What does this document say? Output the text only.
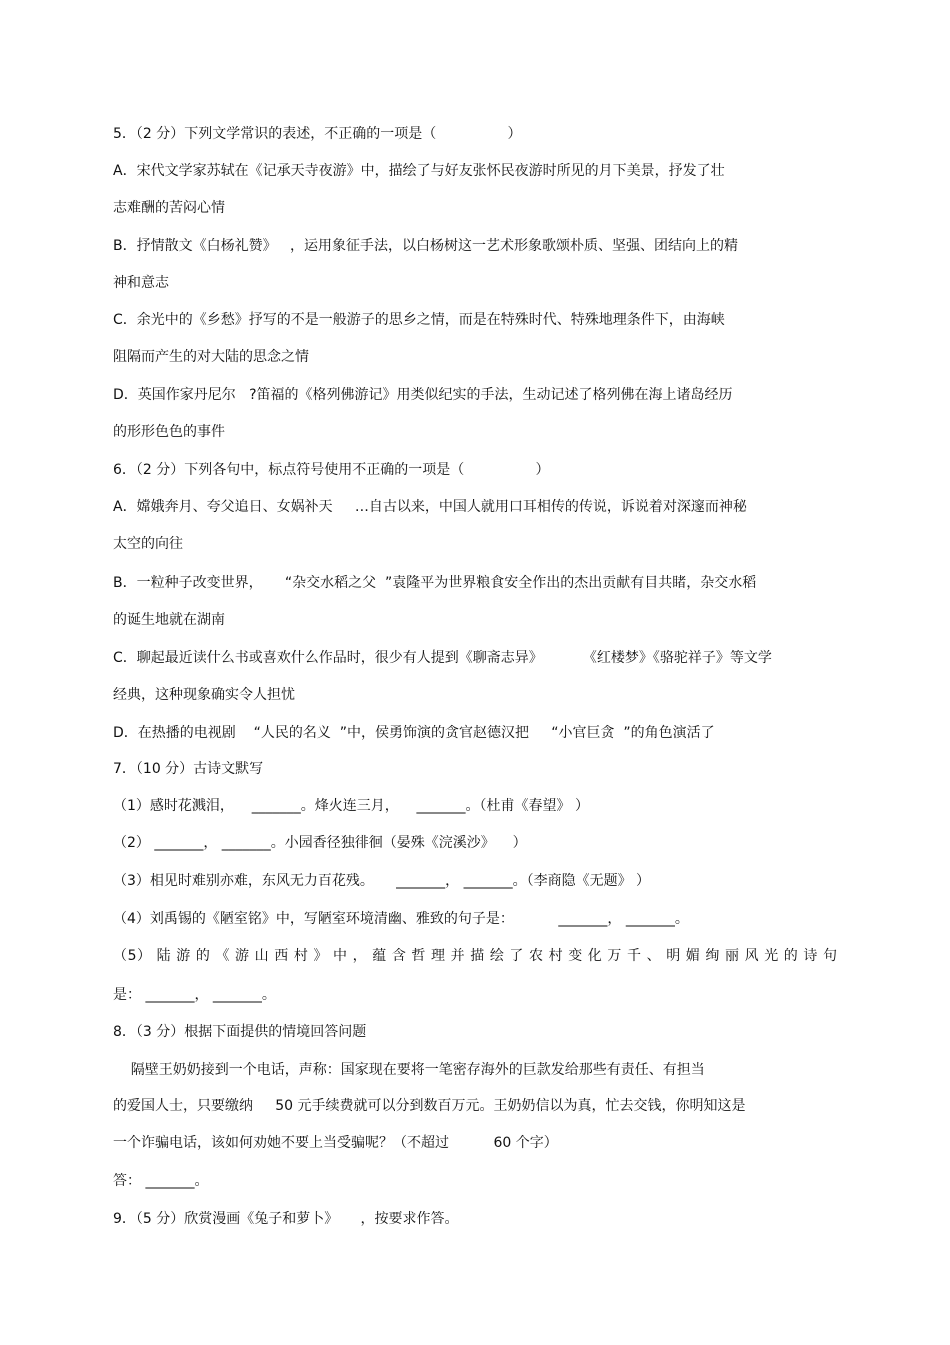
5．（2 分）下列文学常识的表述，不正确的一项是（                ）
A．宋代文学家苏轼在《记承天寺夜游》中，描绘了与好友张怀民夜游时所见的月下美景，抒发了壮
志难酬的苦闷心情
B．抒情散文《白杨礼赞》   ，运用象征手法，以白杨树这一艺术形象歌颂朴质、坚强、团结向上的精
神和意志
C．余光中的《乡愁》抒写的不是一般游子的思乡之情，而是在特殊时代、特殊地理条件下，由海峡
阻隔而产生的对大陆的思念之情
D．英国作家丹尼尔   ?笛福的《格列佛游记》用类似纪实的手法，生动记述了格列佛在海上诸岛经历
的形形色色的事件
6．（2 分）下列各句中，标点符号使用不正确的一项是（                ）
A．嫦娥奔月、夸父追日、女娲补天     …自古以来，中国人就用口耳相传的传说，诉说着对深邃而神秘
太空的向往
B．一粒种子改变世界，     “杂交水稻之父  ”袁隆平为世界粮食安全作出的杰出贡献有目共睹，杂交水稻
的诞生地就在湖南
C．聊起最近读什么书或喜欢什么作品时，很少有人提到《聊斋志异》         《红楼梦》《骆驼祥子》等文学
经典，这种现象确实令人担忧
D．在热播的电视剧    “人民的名义  ”中，侯勇饰演的贪官赵德汉把     “小官巨贪  ”的角色演活了
7．（10 分）古诗文默写
（1）感时花溅泪，    _______。烽火连三月，    _______。（杜甫《春望》 ）
（2） _______， _______。小园香径独徘徊（晏殊《浣溪沙》    ）
（3）相见时难别亦难，东风无力百花残。     _______， _______。（李商隐《无题》 ）
（4）刘禹锡的《陋室铭》中，写陋室环境清幽、雅致的句子是：          _______， _______。
（5） 陆 游 的 《 游 山 西 村 》 中 ， 蕴 含 哲 理 并 描 绘 了 农 村 变 化 万 千 、 明 媚 绚 丽 风 光 的 诗 句
是： _______， _______。
8．（3 分）根据下面提供的情境回答问题
隔壁王奶奶接到一个电话，声称：国家现在要将一笔密存海外的巨款发给那些有责任、有担当
的爱国人士，只要缴纳     50 元手续费就可以分到数百万元。王奶奶信以为真，忙去交钱，你明知这是
一个诈骗电话，该如何劝她不要上当受骗呢？（不超过          60 个字）
答： _______。
9．（5 分）欣赏漫画《兔子和萝卜》     ，按要求作答。
